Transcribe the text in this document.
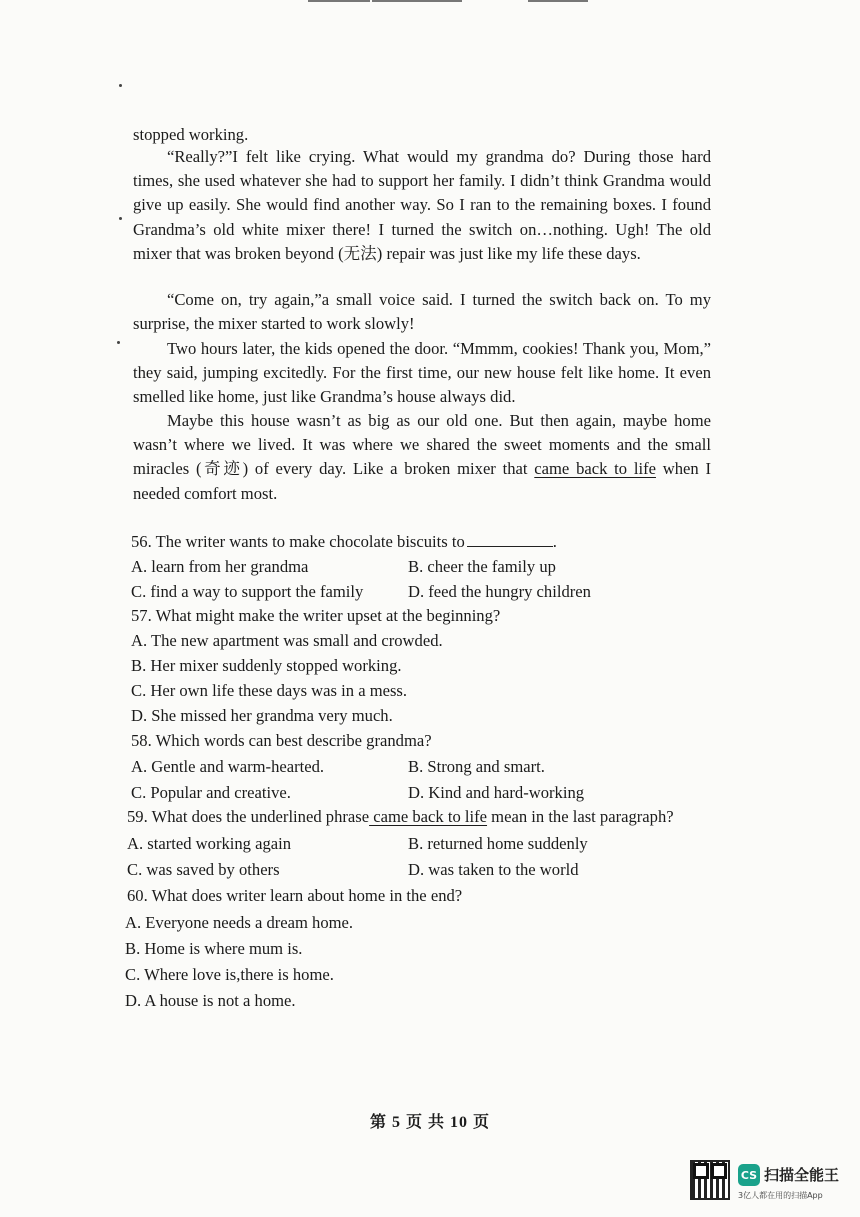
stopped working.

“Really?”I felt like crying. What would my grandma do? During those hard times, she used whatever she had to support her family. I didn’t think Grandma would give up easily. She would find another way. So I ran to the remaining boxes. I found Grandma’s old white mixer there! I turned the switch on…nothing. Ugh! The old mixer that was broken beyond (无法) repair was just like my life these days.

“Come on, try again,”a small voice said. I turned the switch back on. To my surprise, the mixer started to work slowly!

Two hours later, the kids opened the door. “Mmmm, cookies! Thank you, Mom,” they said, jumping excitedly. For the first time, our new house felt like home. It even smelled like home, just like Grandma’s house always did.

Maybe this house wasn’t as big as our old one. But then again, maybe home wasn’t where we lived. It was where we shared the sweet moments and the small miracles (奇迹) of every day. Like a broken mixer that came back to life when I needed comfort most.

56. The writer wants to make chocolate biscuits to	.

A. learn from her grandma	B. cheer the family up

C. find a way to support the family	D. feed the hungry children

57. What might make the writer upset at the beginning?

A. The new apartment was small and crowded.

B. Her mixer suddenly stopped working.

C. Her own life these days was in a mess.

D. She missed her grandma very much.

58. Which words can best describe grandma?

A. Gentle and warm-hearted.	B. Strong and smart.

C. Popular and creative.	D. Kind and hard-working

59. What does the underlined phrase came back to life mean in the last paragraph?

A. started working again	B. returned home suddenly

C. was saved by others	D. was taken to the world

60. What does writer learn about home in the end?

A. Everyone needs a dream home.

B. Home is where mum is.

C. Where love is,there is home.

D. A house is not a home.

第 5 页 共 10 页
CS 扫描全能王
3亿人都在用的扫描App
